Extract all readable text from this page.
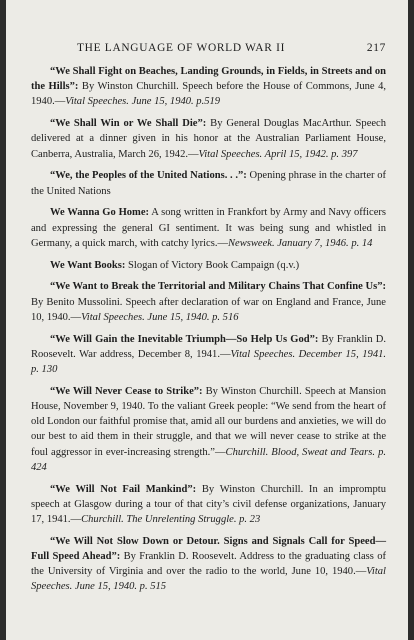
THE LANGUAGE OF WORLD WAR II	217

“We Shall Fight on Beaches, Landing Grounds, in Fields, in Streets and on the Hills”: By Winston Churchill. Speech before the House of Commons, June 4, 1940.—Vital Speeches. June 15, 1940. p.519

“We Shall Win or We Shall Die”: By General Douglas MacArthur. Speech delivered at a dinner given in his honor at the Australian Parliament House, Canberra, Australia, March 26, 1942.—Vital Speeches. April 15, 1942. p. 397

“We, the Peoples of the United Nations. . .”: Opening phrase in the charter of the United Nations

We Wanna Go Home: A song written in Frankfort by Army and Navy officers and expressing the general GI sentiment. It was being sung and whistled in Germany, a quick march, with catchy lyrics.—Newsweek. January 7, 1946. p. 14

We Want Books: Slogan of Victory Book Campaign (q.v.)

“We Want to Break the Territorial and Military Chains That Confine Us”: By Benito Mussolini. Speech after declaration of war on England and France, June 10, 1940.—Vital Speeches. June 15, 1940. p. 516

“We Will Gain the Inevitable Triumph—So Help Us God”: By Franklin D. Roosevelt. War address, December 8, 1941.—Vital Speeches. December 15, 1941. p. 130

“We Will Never Cease to Strike”: By Winston Churchill. Speech at Mansion House, November 9, 1940. To the valiant Greek people: “We send from the heart of old London our faithful promise that, amid all our burdens and anxieties, we will do our best to aid them in their struggle, and that we will never cease to strike at the foul aggressor in ever-increasing strength.”—Churchill. Blood, Sweat and Tears. p. 424

“We Will Not Fail Mankind”: By Winston Churchill. In an impromptu speech at Glasgow during a tour of that city’s civil defense organizations, January 17, 1941.—Churchill. The Unrelenting Struggle. p. 23

“We Will Not Slow Down or Detour. Signs and Signals Call for Speed—Full Speed Ahead”: By Franklin D. Roosevelt. Address to the graduating class of the University of Virginia and over the radio to the world, June 10, 1940.—Vital Speeches. June 15, 1940. p. 515
